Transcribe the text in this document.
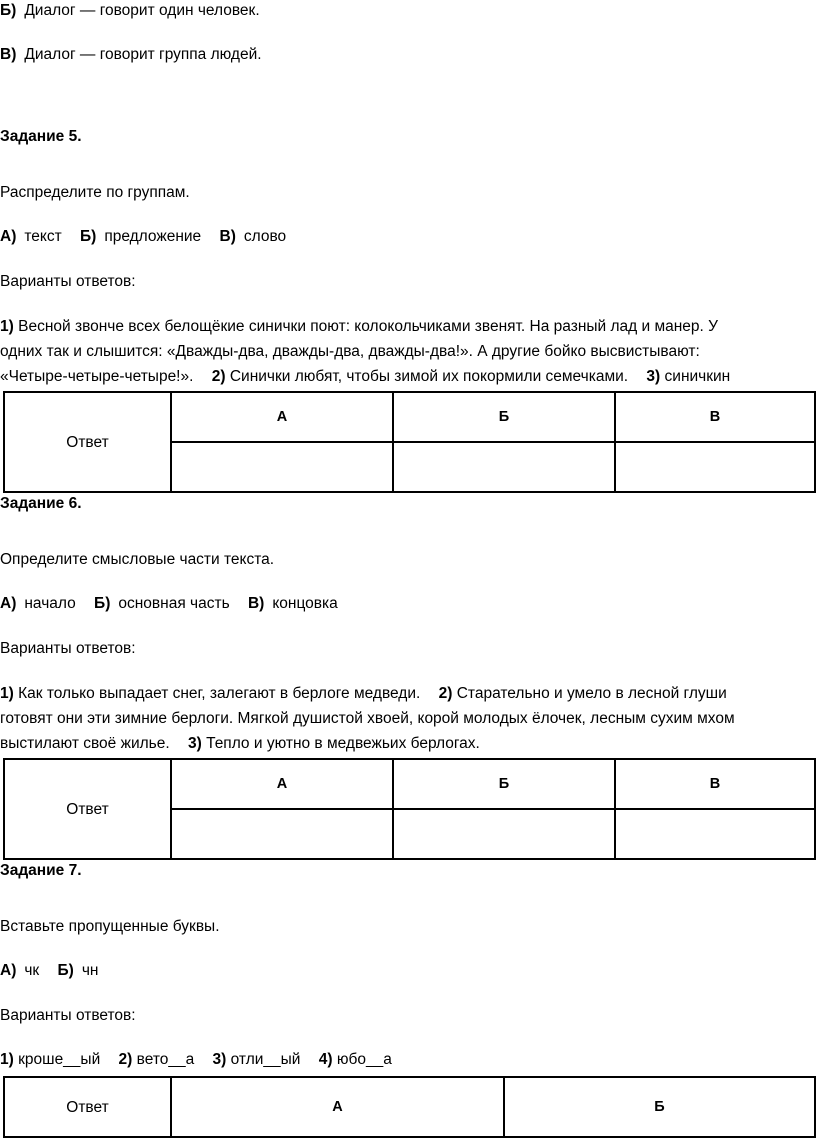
Б) Диалог — говорит один человек.
В) Диалог — говорит группа людей.
Задание 5.
Распределите по группам.
А) текст Б) предложение В) слово
Варианты ответов:
1) Весной звонче всех белощёкие синички поют: колокольчиками звенят. На разный лад и манер. У
одних так и слышится: «Дважды-два, дважды-два, дважды-два!». А другие бойко высвистывают:
«Четыре-четыре-четыре!». 2) Синички любят, чтобы зимой их покормили семечками. 3) синичкин
Ответ	А	Б	В

Задание 6.
Определите смысловые части текста.
А) начало Б) основная часть В) концовка
Варианты ответов:
1) Как только выпадает снег, залегают в берлоге медведи. 2) Старательно и умело в лесной глуши
готовят они эти зимние берлоги. Мягкой душистой хвоей, корой молодых ёлочек, лесным сухим мхом
выстилают своё жилье. 3) Тепло и уютно в медвежьих берлогах.
Ответ	А	Б	В

Задание 7.
Вставьте пропущенные буквы.
А) чк Б) чн
Варианты ответов:
1) кроше__ый 2) вето__а 3) отли__ый 4) юбо__а
Ответ	А	Б
